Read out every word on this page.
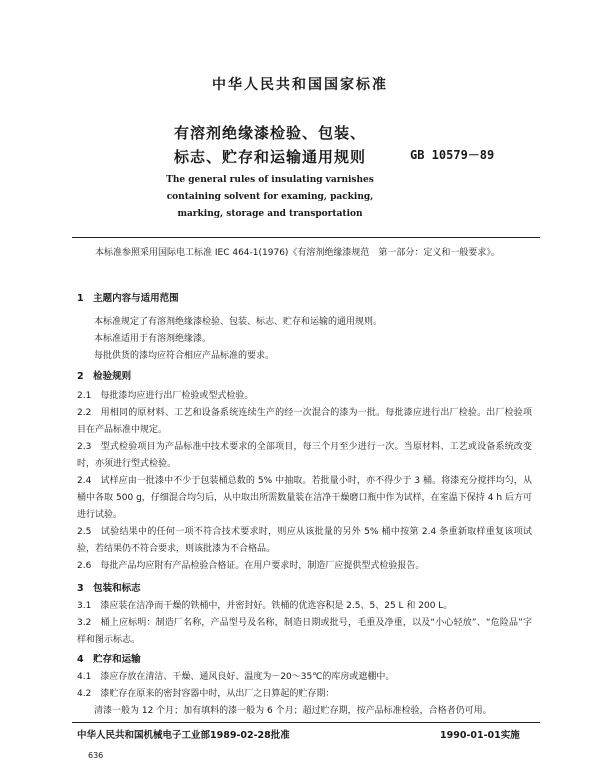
中华人民共和国国家标准
有溶剂绝缘漆检验、包装、
标志、贮存和运输通用规则	GB 10579－89
The general rules of insulating varnishes
containing solvent for examing, packing,
marking, storage and transportation
本标准参照采用国际电工标准 IEC 464-1(1976)《有溶剂绝缘漆规范　第一部分：定义和一般要求》。
1　主题内容与适用范围
本标准规定了有溶剂绝缘漆检验、包装、标志、贮存和运输的通用规则。
本标准适用于有溶剂绝缘漆。
每批供货的漆均应符合相应产品标准的要求。
2　检验规则
2.1　每批漆均应进行出厂检验或型式检验。
2.2　用相同的原材料、工艺和设备系统连续生产的经一次混合的漆为一批。每批漆应进行出厂检验。出厂检验项目在产品标准中规定。
2.3　型式检验项目为产品标准中技术要求的全部项目，每三个月至少进行一次。当原材料、工艺或设备系统改变时，亦须进行型式检验。
2.4　试样应由一批漆中不少于包装桶总数的 5% 中抽取。若批量小时，亦不得少于 3 桶。将漆充分搅拌均匀，从桶中各取 500 g，仔细混合均匀后，从中取出所需数量装在洁净干燥磨口瓶中作为试样，在室温下保持 4 h 后方可进行试验。
2.5　试验结果中的任何一项不符合技术要求时，则应从该批量的另外 5% 桶中按第 2.4 条重新取样重复该项试验，若结果仍不符合要求，则该批漆为不合格品。
2.6　每批产品均应附有产品检验合格证。在用户要求时，制造厂应提供型式检验报告。
3　包装和标志
3.1　漆应装在洁净而干燥的铁桶中，并密封好。铁桶的优选容积是 2.5、5、25 L 和 200 L。
3.2　桶上应标明：制造厂名称，产品型号及名称，制造日期或批号，毛重及净重，以及“小心轻放”、“危险品”字样和图示标志。
4　贮存和运输
4.1　漆应存放在清洁、干燥、通风良好、温度为－20～35℃的库房或遮棚中。
4.2　漆贮存在原来的密封容器中时，从出厂之日算起的贮存期：
清漆一般为 12 个月；加有填料的漆一般为 6 个月；超过贮存期，按产品标准检验，合格者仍可用。
中华人民共和国机械电子工业部1989-02-28批准	1990-01-01实施
636
